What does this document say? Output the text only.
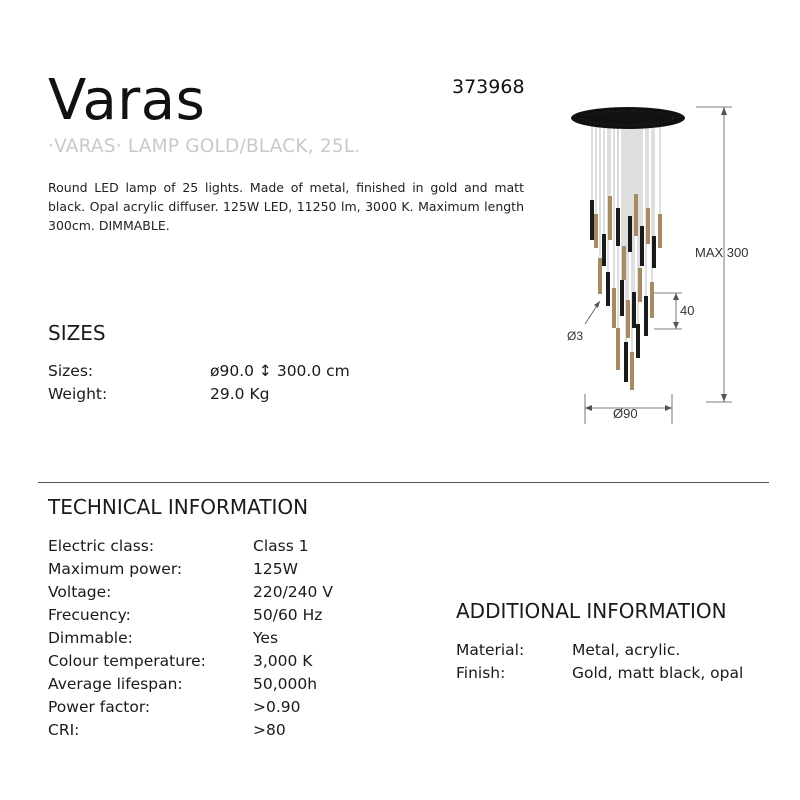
Varas	373968
·VARAS· LAMP GOLD/BLACK, 25L.
Round LED lamp of 25 lights. Made of metal, finished in gold and matt black. Opal acrylic diffuser. 125W LED, 11250 lm, 3000 K. Maximum length 300cm. DIMMABLE.
MAX 300
40
Ø3
Ø90
SIZES
Sizes:	ø90.0 ↕ 300.0 cm
Weight:	29.0 Kg
TECHNICAL INFORMATION
Electric class:	Class 1
Maximum power:	125W
Voltage:	220/240 V
Frecuency:	50/60 Hz
Dimmable:	Yes
Colour temperature:	3,000 K
Average lifespan:	50,000h
Power factor:	>0.90
CRI:	>80
ADDITIONAL INFORMATION
Material:	Metal, acrylic.
Finish:	Gold, matt black, opal
